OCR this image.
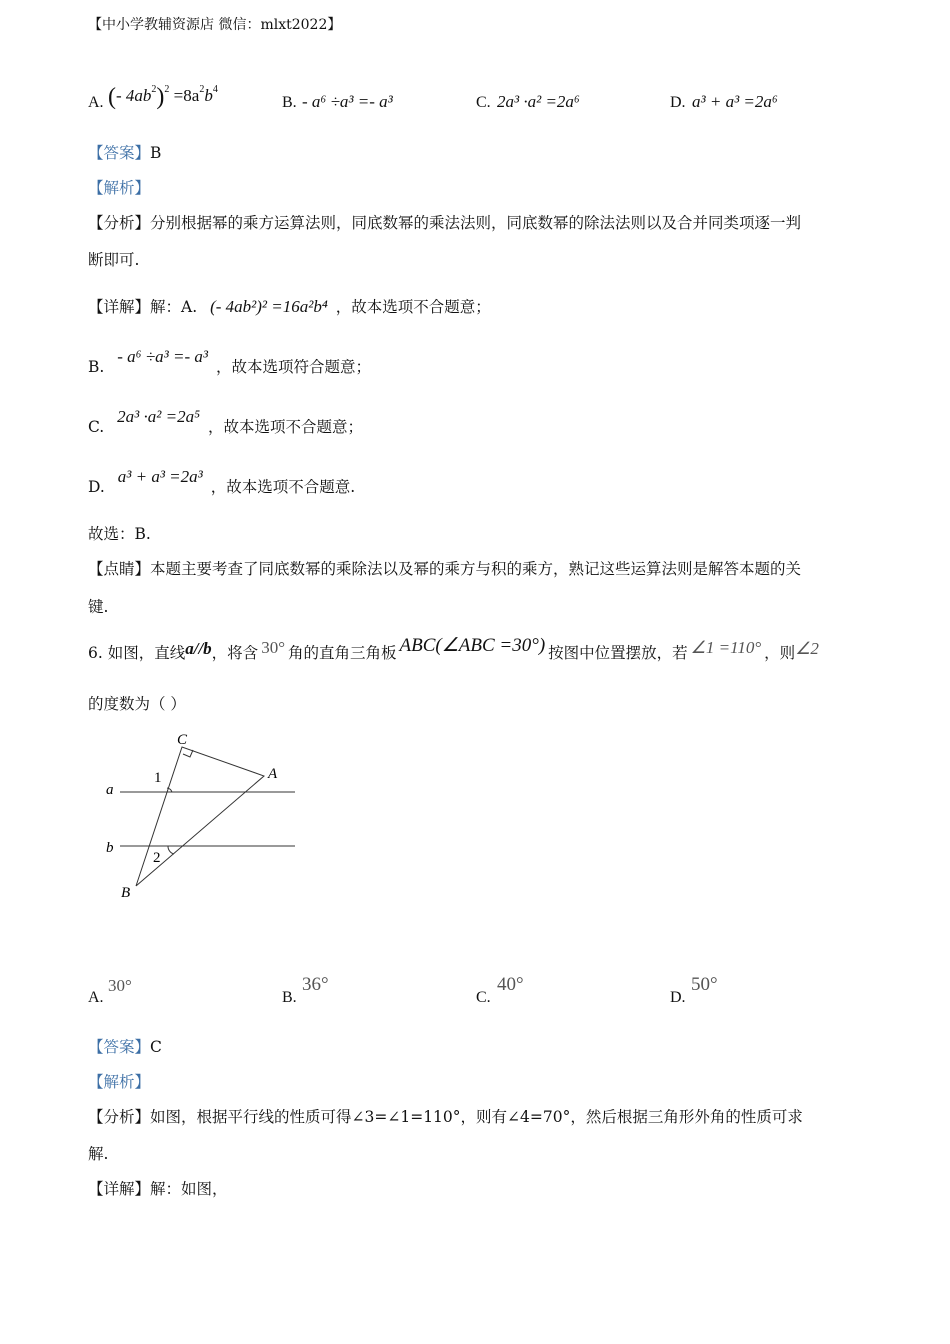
【中小学教辅资源店 微信：mlxt2022】
A. (- $4ab^2)^2 =8a^2b^4$
B. - a⁶ ÷a³ =- a³	C. 2a³ ·a² =2a⁶	D. a³ + a³ =2a⁶
【答案】B
【解析】
【分析】分别根据幂的乘方运算法则，同底数幂的乘法法则，同底数幂的除法法则以及合并同类项逐一判
断即可.
【详解】解：A. (- 4ab²)² =16a²b⁴ ，故本选项不合题意；
B. - a⁶ ÷a³ =- a³，故本选项符合题意；
C. 2a³ ·a² =2a⁵，故本选项不合题意；
D. a³ + a³ =2a³，故本选项不合题意.
故选：B.
【点睛】本题主要考查了同底数幂的乘除法以及幂的乘方与积的乘方，熟记这些运算法则是解答本题的关
键.
6. 如图，直线a//b，将含 30° 角的直角三角板 ABC(∠ABC =30°) 按图中位置摆放，若 ∠1 =110° ，则∠2
的度数为（ ）
C
A
B
a
b
1
2
A.
30°
B.
36°
C.
40°
D.
50°
【答案】C
【解析】
【分析】如图，根据平行线的性质可得∠3=∠1=110°，则有∠4=70°，然后根据三角形外角的性质可求
解.
【详解】解：如图，
